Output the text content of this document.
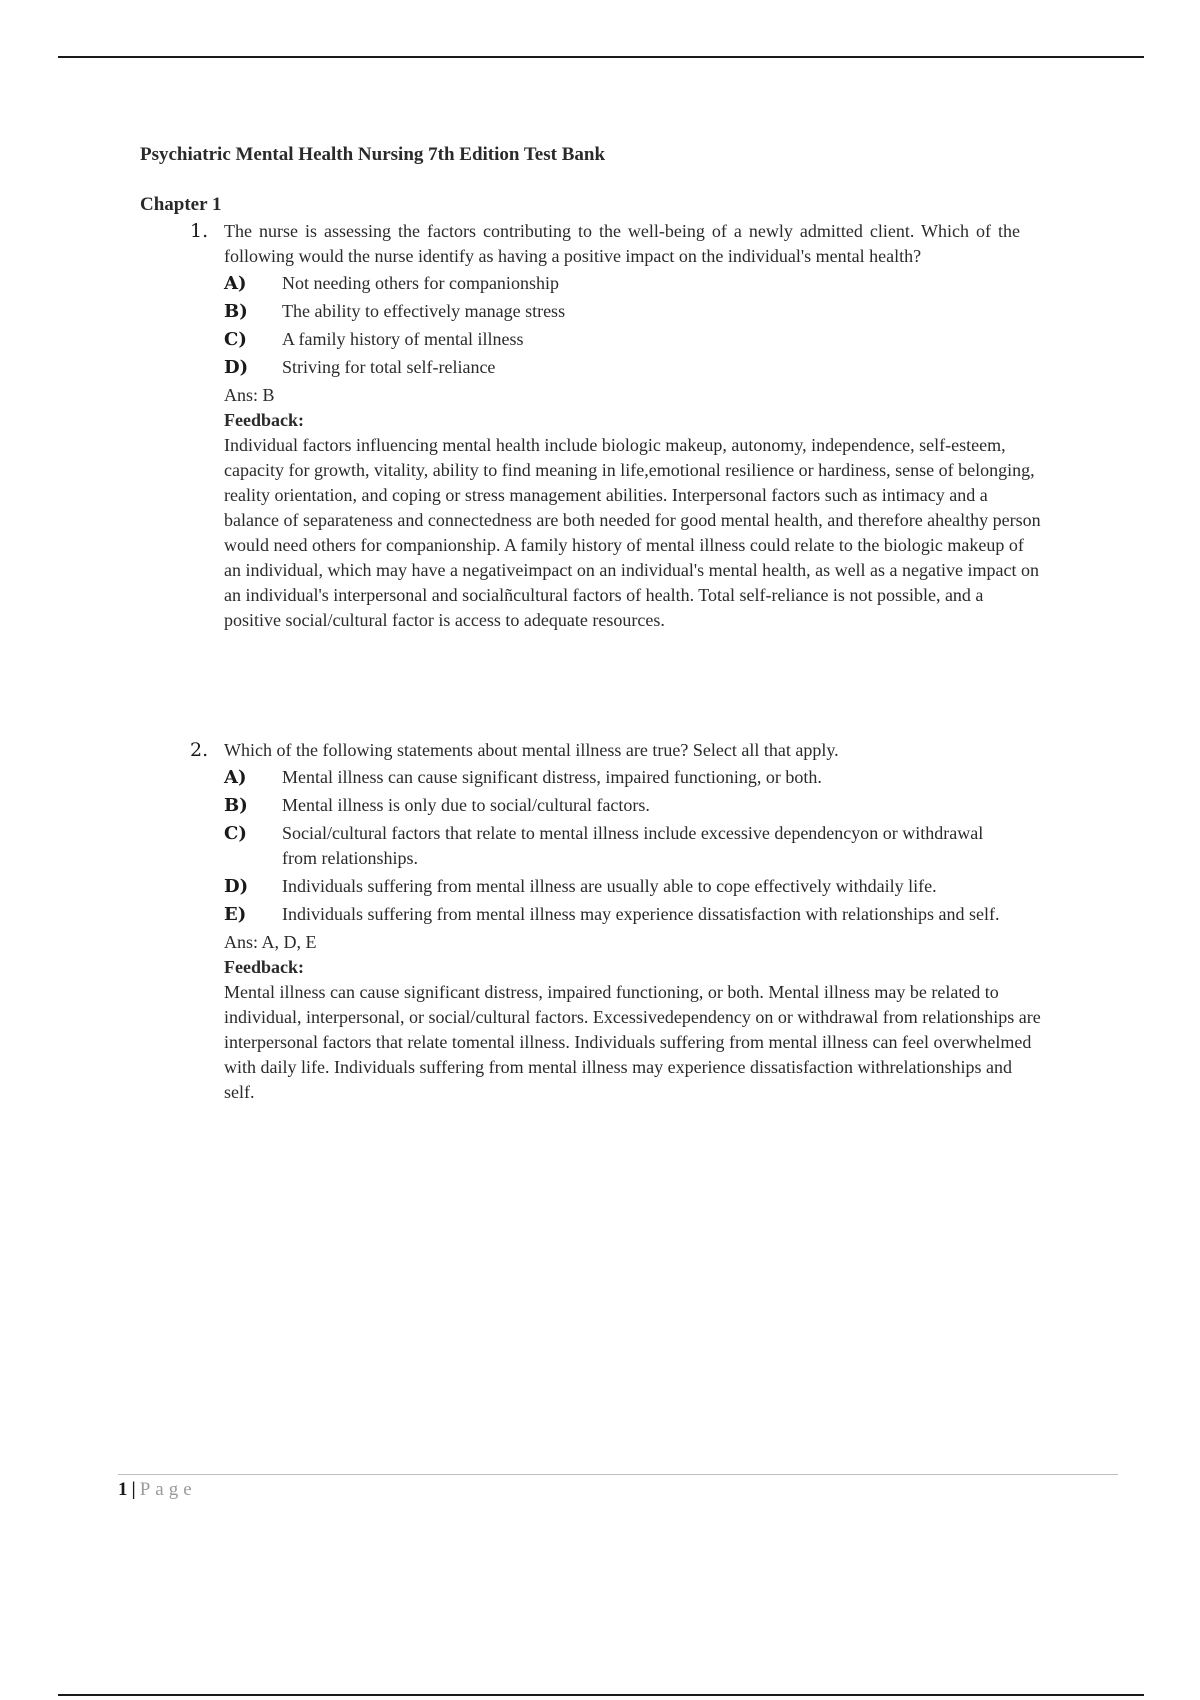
Psychiatric Mental Health Nursing 7th Edition Test Bank
Chapter 1
1. The nurse is assessing the factors contributing to the well-being of a newly admitted client. Which of the following would the nurse identify as having a positive impact on the individual's mental health?
A)	Not needing others for companionship
B)	The ability to effectively manage stress
C)	A family history of mental illness
D)	Striving for total self-reliance
Ans: B
Feedback:
Individual factors influencing mental health include biologic makeup, autonomy, independence, self-esteem, capacity for growth, vitality, ability to find meaning in life,emotional resilience or hardiness, sense of belonging, reality orientation, and coping or stress management abilities. Interpersonal factors such as intimacy and a balance of separateness and connectedness are both needed for good mental health, and therefore ahealthy person would need others for companionship. A family history of mental illness could relate to the biologic makeup of an individual, which may have a negativeimpact on an individual's mental health, as well as a negative impact on an individual's interpersonal and socialñcultural factors of health. Total self-reliance is not possible, and a positive social/cultural factor is access to adequate resources.
2. Which of the following statements about mental illness are true? Select all that apply.
A)	Mental illness can cause significant distress, impaired functioning, or both.
B)	Mental illness is only due to social/cultural factors.
C)	Social/cultural factors that relate to mental illness include excessive dependencyon or withdrawal from relationships.
D)	Individuals suffering from mental illness are usually able to cope effectively withdaily life.
E)	Individuals suffering from mental illness may experience dissatisfaction with relationships and self.
Ans: A, D, E
Feedback:
Mental illness can cause significant distress, impaired functioning, or both. Mental illness may be related to individual, interpersonal, or social/cultural factors. Excessivedependency on or withdrawal from relationships are interpersonal factors that relate tomental illness. Individuals suffering from mental illness can feel overwhelmed with daily life. Individuals suffering from mental illness may experience dissatisfaction withrelationships and self.
1 | Page
